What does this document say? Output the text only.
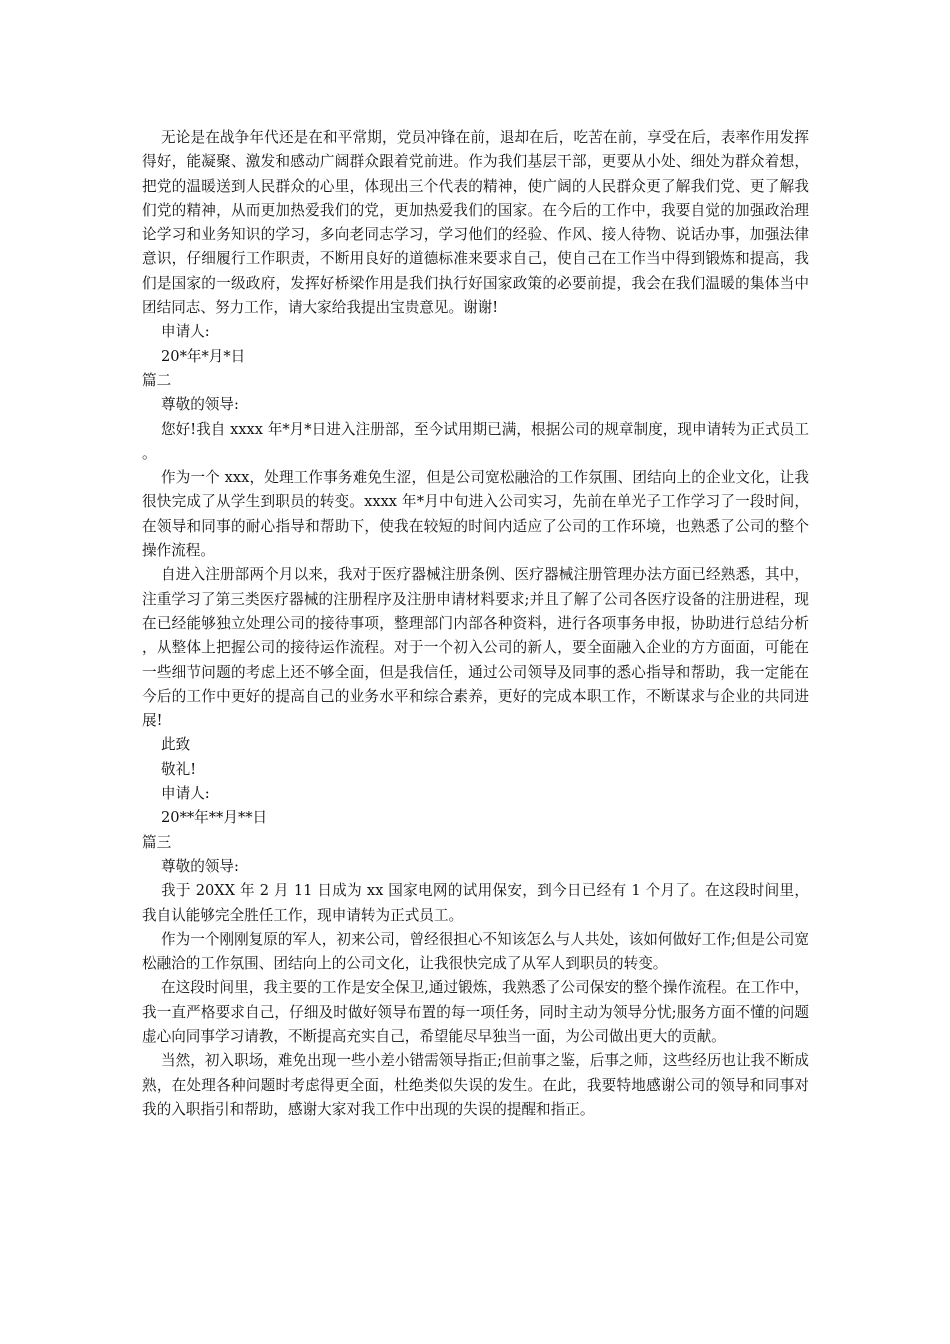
无论是在战争年代还是在和平常期，党员冲锋在前，退却在后，吃苦在前，享受在后，表率作用发挥得好，能凝聚、激发和感动广阔群众跟着党前进。作为我们基层干部，更要从小处、细处为群众着想，把党的温暖送到人民群众的心里，体现出三个代表的精神，使广阔的人民群众更了解我们党、更了解我们党的精神，从而更加热爱我们的党，更加热爱我们的国家。在今后的工作中，我要自觉的加强政治理论学习和业务知识的学习，多向老同志学习，学习他们的经验、作风、接人待物、说话办事，加强法律意识，仔细履行工作职责，不断用良好的道德标准来要求自己，使自己在工作当中得到锻炼和提高，我们是国家的一级政府，发挥好桥梁作用是我们执行好国家政策的必要前提，我会在我们温暖的集体当中团结同志、努力工作，请大家给我提出宝贵意见。谢谢!

申请人:

20*年*月*日

篇二

尊敬的领导:

您好!我自 xxxx 年*月*日进入注册部，至今试用期已满，根据公司的规章制度，现申请转为正式员工。

作为一个 xxx，处理工作事务难免生涩，但是公司宽松融洽的工作氛围、团结向上的企业文化，让我很快完成了从学生到职员的转变。xxxx 年*月中旬进入公司实习，先前在单光子工作学习了一段时间，在领导和同事的耐心指导和帮助下，使我在较短的时间内适应了公司的工作环境，也熟悉了公司的整个操作流程。

自进入注册部两个月以来，我对于医疗器械注册条例、医疗器械注册管理办法方面已经熟悉，其中，注重学习了第三类医疗器械的注册程序及注册申请材料要求;并且了解了公司各医疗设备的注册进程，现在已经能够独立处理公司的接待事项，整理部门内部各种资料，进行各项事务申报，协助进行总结分析，从整体上把握公司的接待运作流程。对于一个初入公司的新人，要全面融入企业的方方面面，可能在一些细节问题的考虑上还不够全面，但是我信任，通过公司领导及同事的悉心指导和帮助，我一定能在今后的工作中更好的提高自己的业务水平和综合素养，更好的完成本职工作，不断谋求与企业的共同进展!

此致

敬礼!

申请人:

20**年**月**日

篇三

尊敬的领导:

我于 20XX 年 2 月 11 日成为 xx 国家电网的试用保安，到今日已经有 1 个月了。在这段时间里，我自认能够完全胜任工作，现申请转为正式员工。

作为一个刚刚复原的军人，初来公司，曾经很担心不知该怎么与人共处，该如何做好工作;但是公司宽松融洽的工作氛围、团结向上的公司文化，让我很快完成了从军人到职员的转变。

在这段时间里，我主要的工作是安全保卫,通过锻炼，我熟悉了公司保安的整个操作流程。在工作中，我一直严格要求自己，仔细及时做好领导布置的每一项任务，同时主动为领导分忧;服务方面不懂的问题虚心向同事学习请教，不断提高充实自己，希望能尽早独当一面，为公司做出更大的贡献。

当然，初入职场，难免出现一些小差小错需领导指正;但前事之鉴，后事之师，这些经历也让我不断成熟，在处理各种问题时考虑得更全面，杜绝类似失误的发生。在此，我要特地感谢公司的领导和同事对我的入职指引和帮助，感谢大家对我工作中出现的失误的提醒和指正。
